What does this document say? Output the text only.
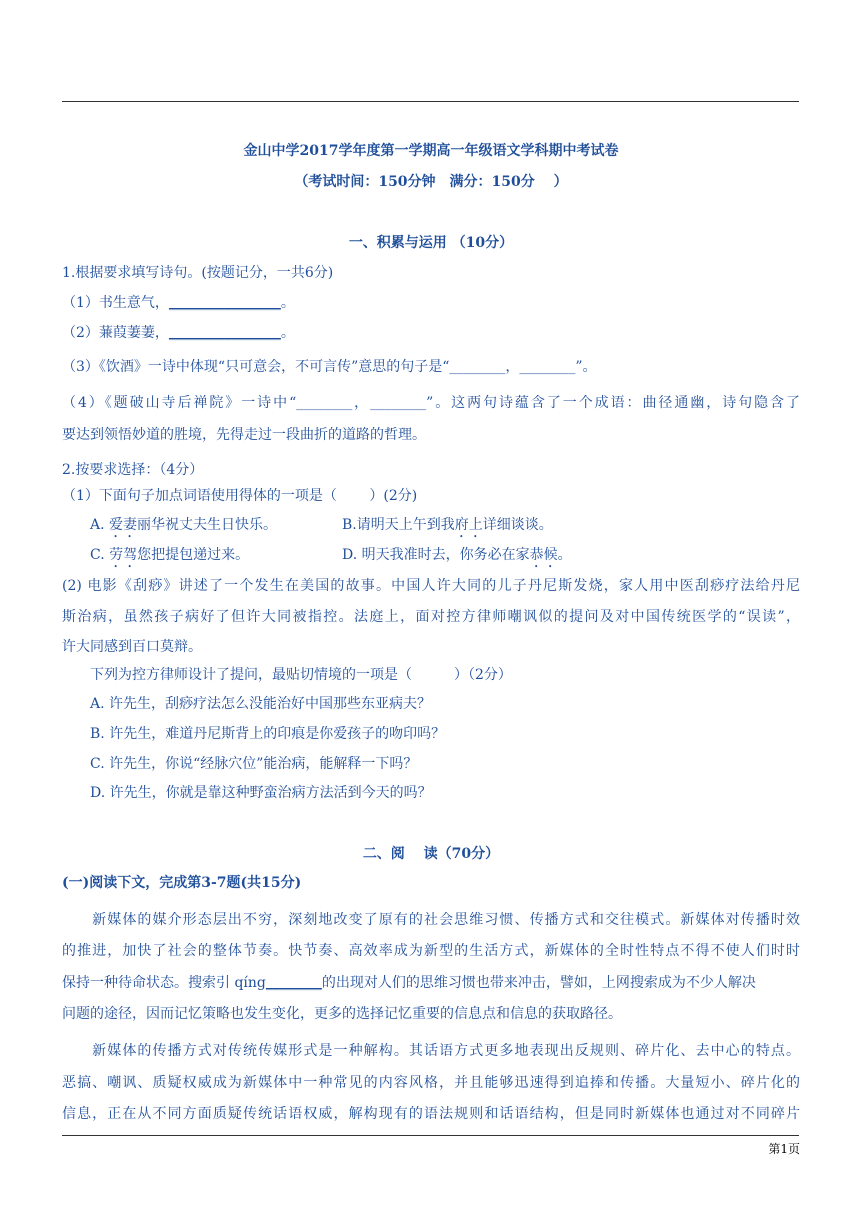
金山中学2017学年度第一学期高一年级语文学科期中考试卷
（考试时间：150分钟　满分：150分　 ）
一、积累与运用 （10分）
1.根据要求填写诗句。(按题记分，一共6分)
（1）书生意气，________________。
（2）蒹葭萋萋，________________。
（3）《饮酒》一诗中体现“只可意会，不可言传”意思的句子是“________，________”。
（4）《题破山寺后禅院》一诗中“________，________”。这两句诗蕴含了一个成语：曲径通幽，诗句隐含了
要达到领悟妙道的胜境，先得走过一段曲折的道路的哲理。
2.按要求选择：（4分）
（1）下面句子加点词语使用得体的一项是（　　 ）(2分)
A. 爱妻丽华祝丈夫生日快乐。	B.请明天上午到我府上详细谈谈。
C. 劳驾您把提包递过来。	D. 明天我准时去，你务必在家恭候。
(2) 电影《刮痧》讲述了一个发生在美国的故事。中国人许大同的儿子丹尼斯发烧，家人用中医刮痧疗法给丹尼
斯治病，虽然孩子病好了但许大同被指控。法庭上，面对控方律师嘲讽似的提问及对中国传统医学的“误读”，
许大同感到百口莫辩。
下列为控方律师设计了提问，最贴切情境的一项是（　　　）（2分）
A. 许先生，刮痧疗法怎么没能治好中国那些东亚病夫？
B. 许先生，难道丹尼斯背上的印痕是你爱孩子的吻印吗？
C. 许先生，你说“经脉穴位”能治病，能解释一下吗？
D. 许先生，你就是靠这种野蛮治病方法活到今天的吗？
二、阅　 读（70分）
(一)阅读下文，完成第3-7题(共15分)
　　新媒体的媒介形态层出不穷，深刻地改变了原有的社会思维习惯、传播方式和交往模式。新媒体对传播时效
的推进，加快了社会的整体节奏。快节奏、高效率成为新型的生活方式，新媒体的全时性特点不得不使人们时时
保持一种待命状态。搜索引 qíng________的出现对人们的思维习惯也带来冲击，譬如，上网搜索成为不少人解决
问题的途径，因而记忆策略也发生变化，更多的选择记忆重要的信息点和信息的获取路径。
　　新媒体的传播方式对传统传媒形式是一种解构。其话语方式更多地表现出反规则、碎片化、去中心的特点。
恶搞、嘲讽、质疑权威成为新媒体中一种常见的内容风格，并且能够迅速得到追捧和传播。大量短小、碎片化的
信息，正在从不同方面质疑传统话语权威，解构现有的语法规则和话语结构，但是同时新媒体也通过对不同碎片
第1页
